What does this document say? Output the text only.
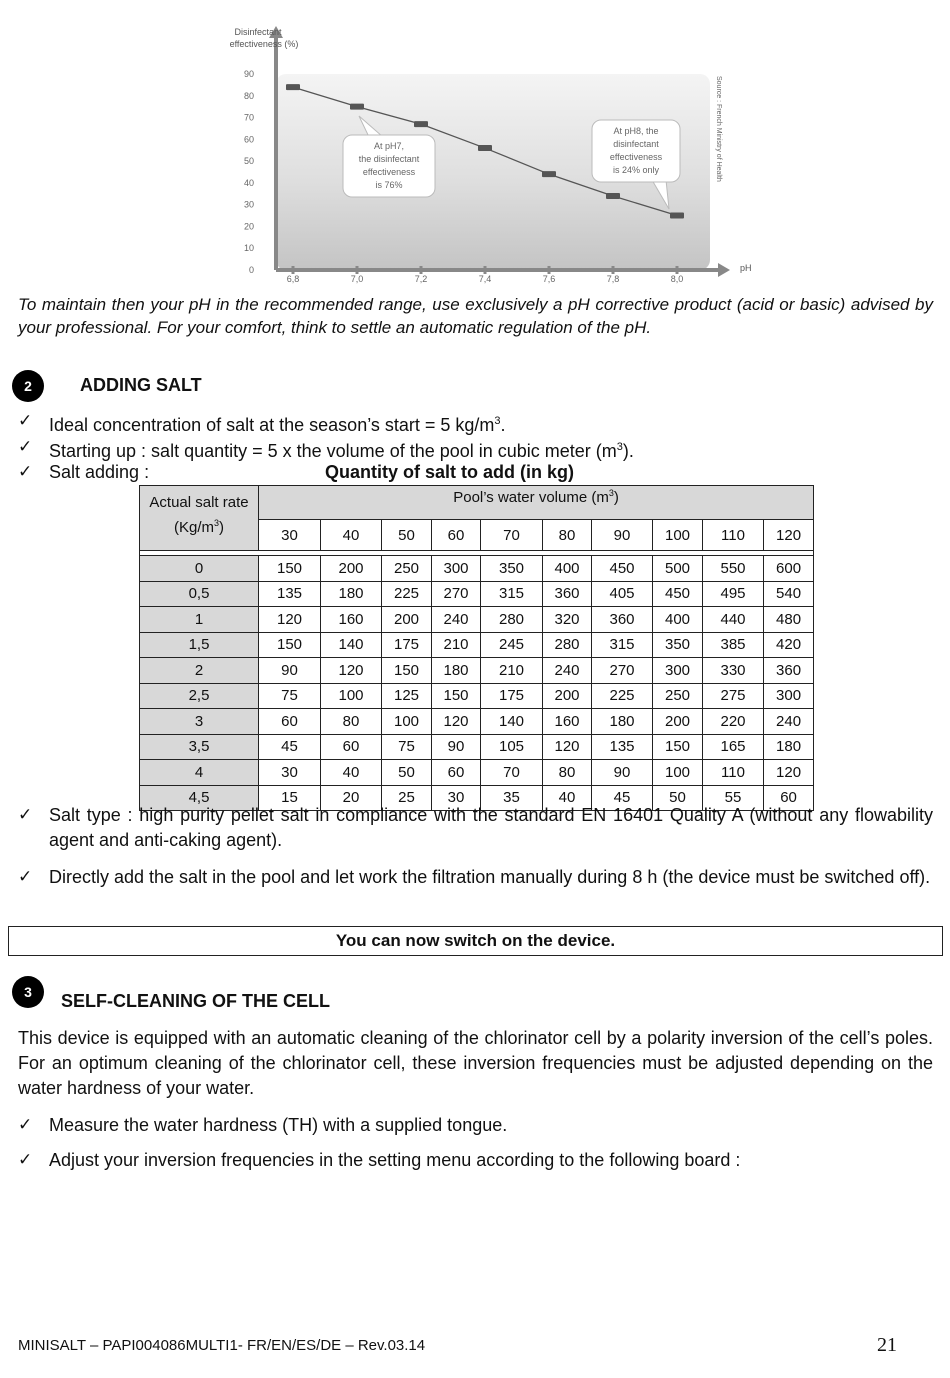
Disinfectant
effectiveness (%)
pH
0
10
20
30
40
50
60
70
80
90
6,8	7,0	7,2	7,4	7,6	7,8	8,0
Source : French Ministry of Health
At pH7,
the disinfectant
effectiveness
is 76%
At pH8, the
disinfectant
effectiveness
is 24% only
To maintain then your pH in the recommended range, use exclusively a pH corrective product (acid or basic) advised by your professional. For your comfort, think to settle an automatic regulation of the pH.
2	ADDING SALT
✓ Ideal concentration of salt at the season’s start = 5 $kg/m^3$.
✓ Starting up : salt quantity = 5 x the volume of the pool in cubic meter $(m^3)$.
✓ Salt adding :	Quantity of salt to add (in kg)
Actual salt rate $(Kg/m^3)$	Pool’s water volume $(m^3)$									
	30	40	50	60	70	80	90	100	110	120

0	150	200	250	300	350	400	450	500	550	600
0,5	135	180	225	270	315	360	405	450	495	540
1	120	160	200	240	280	320	360	400	440	480
1,5	150	140	175	210	245	280	315	350	385	420
2	90	120	150	180	210	240	270	300	330	360
2,5	75	100	125	150	175	200	225	250	275	300
3	60	80	100	120	140	160	180	200	220	240
3,5	45	60	75	90	105	120	135	150	165	180
4	30	40	50	60	70	80	90	100	110	120
4,5	15	20	25	30	35	40	45	50	55	60
✓ Salt type : high purity pellet salt in compliance with the standard EN 16401 Quality A (without any flowability agent and anti-caking agent).
✓ Directly add the salt in the pool and let work the filtration manually during 8 h (the device must be switched off).
You can now switch on the device.
3	SELF-CLEANING OF THE CELL
This device is equipped with an automatic cleaning of the chlorinator cell by a polarity inversion of the cell’s poles. For an optimum cleaning of the chlorinator cell, these inversion frequencies must be adjusted depending on the water hardness of your water.
✓ Measure the water hardness (TH) with a supplied tongue.
✓ Adjust your inversion frequencies in the setting menu according to the following board :
MINISALT – PAPI004086MULTI1- FR/EN/ES/DE – Rev.03.14	21
